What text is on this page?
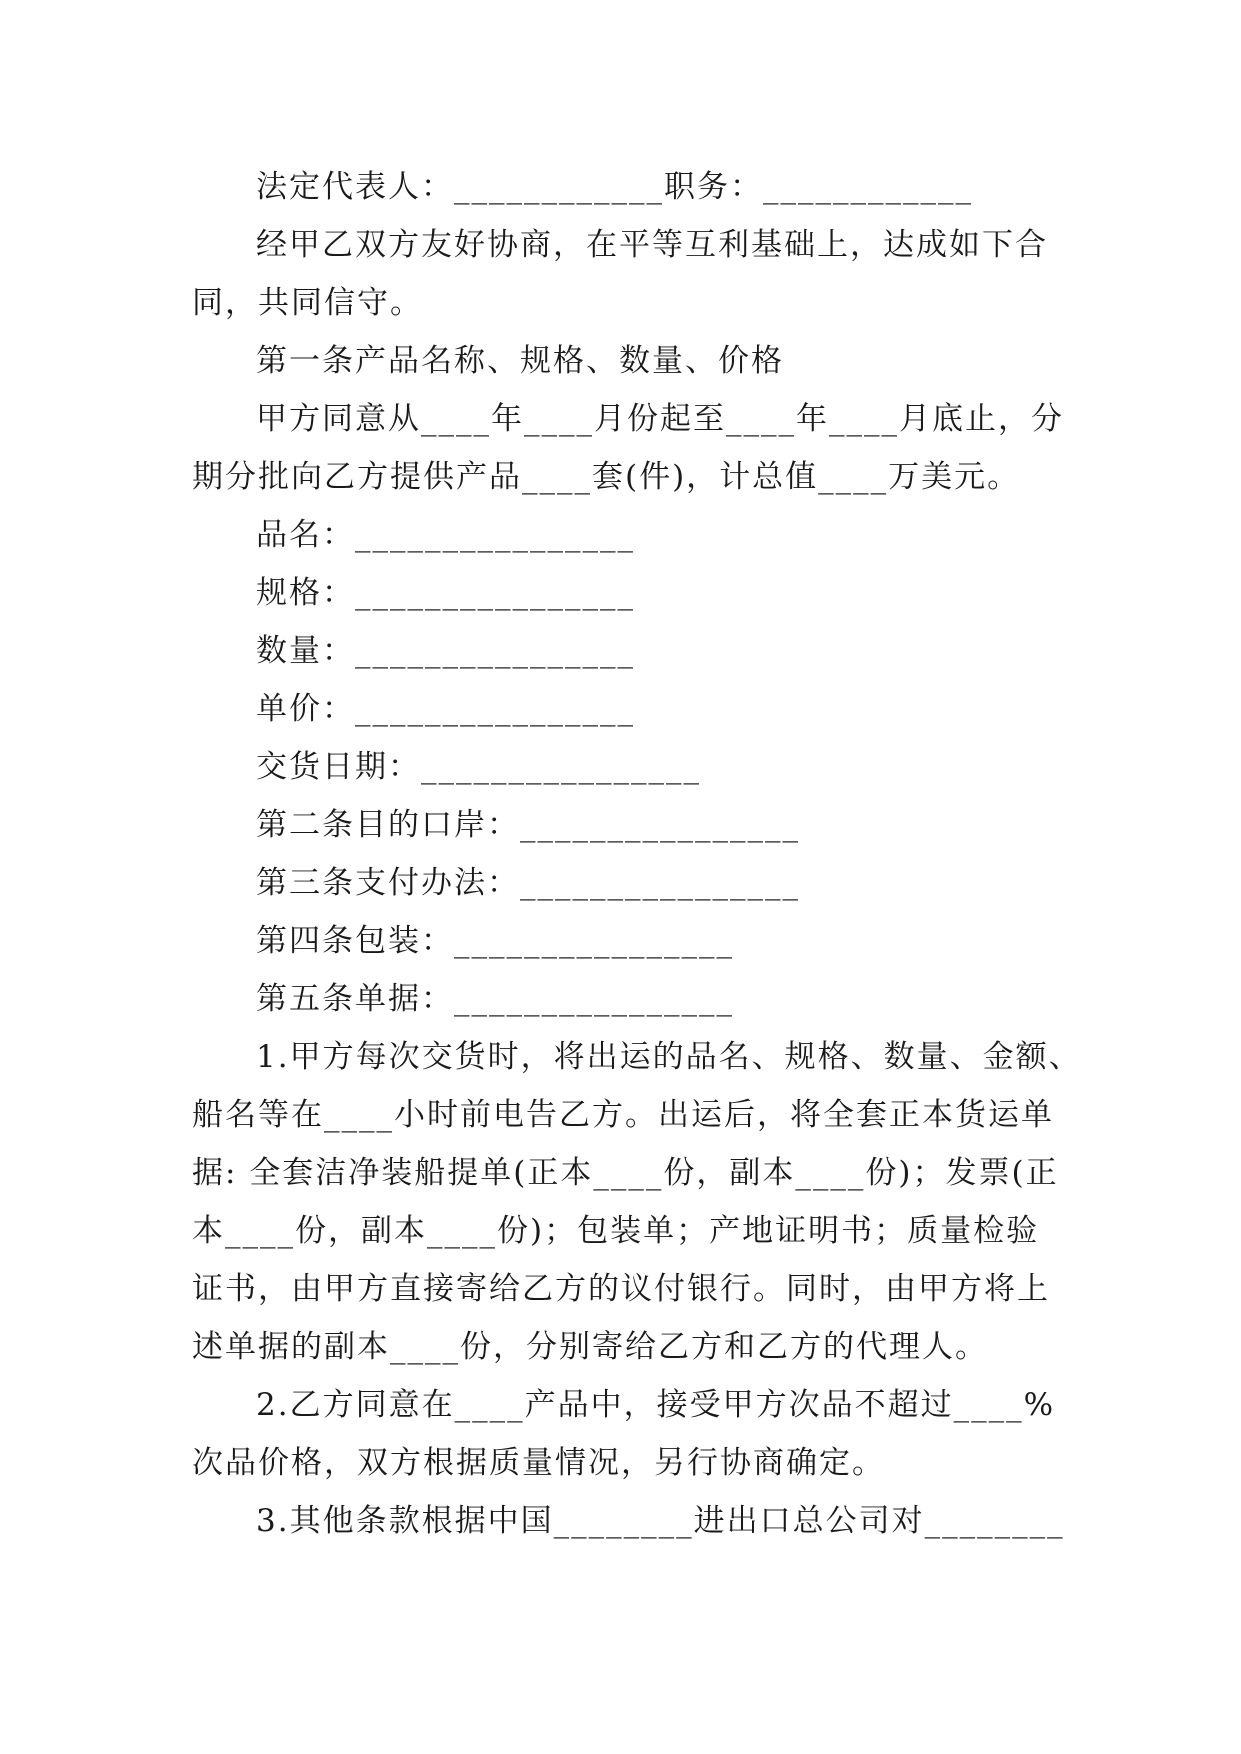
法定代表人：____________职务：____________

经甲乙双方友好协商，在平等互利基础上，达成如下合

同，共同信守。

第一条产品名称、规格、数量、价格

甲方同意从____年____月份起至____年____月底止，分

期分批向乙方提供产品____套(件)，计总值____万美元。

品名：________________

规格：________________

数量：________________

单价：________________

交货日期：________________

第二条目的口岸：________________

第三条支付办法：________________

第四条包装：________________

第五条单据：________________

1.甲方每次交货时，将出运的品名、规格、数量、金额、

船名等在____小时前电告乙方。出运后，将全套正本货运单

据: 全套洁净装船提单(正本____份，副本____份)；发票(正

本____份，副本____份)；包装单；产地证明书；质量检验

证书，由甲方直接寄给乙方的议付银行。同时，由甲方将上

述单据的副本____份，分别寄给乙方和乙方的代理人。

2.乙方同意在____产品中，接受甲方次品不超过____%

次品价格，双方根据质量情况，另行协商确定。

3.其他条款根据中国________进出口总公司对________
